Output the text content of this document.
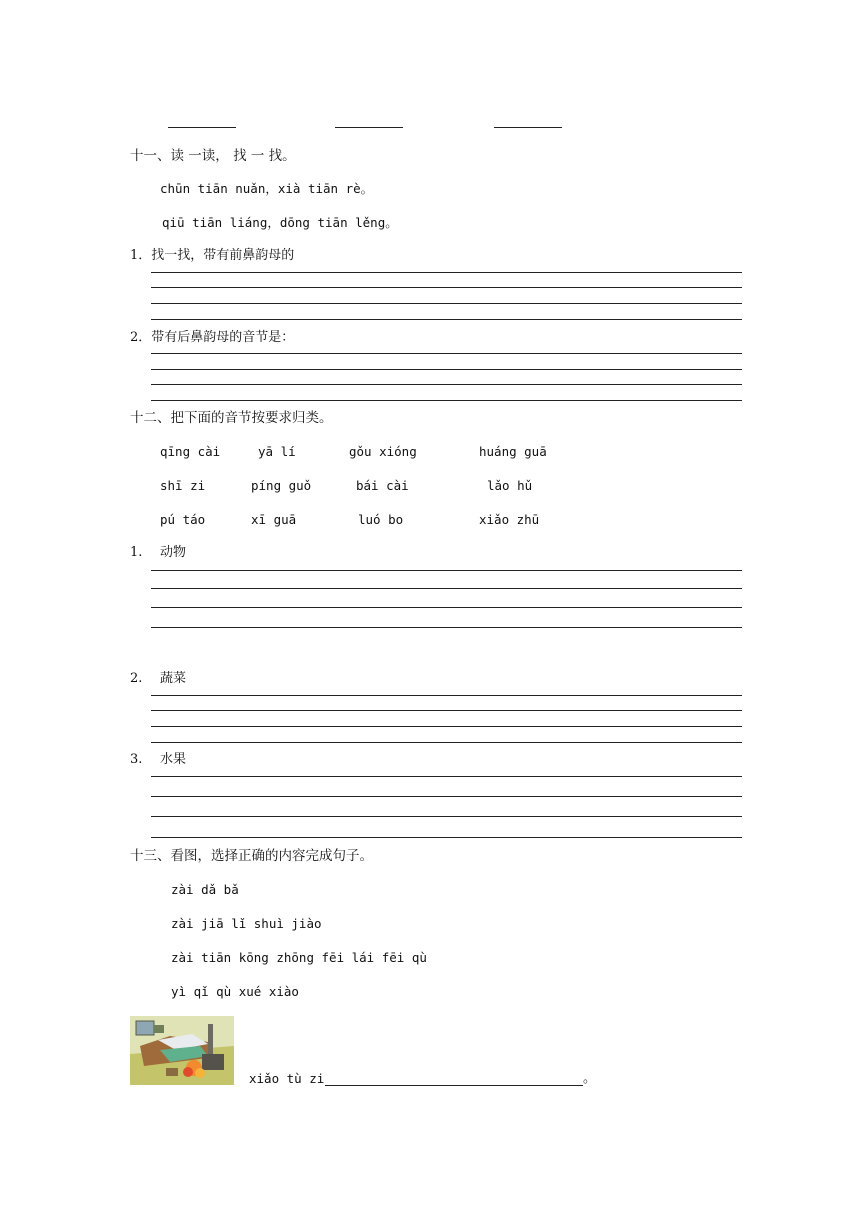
十一、读 一读， 找 一 找。
chūn tiān nuǎn，xià tiān rè。
qiū tiān liáng，dōng tiān lěng。
1．找一找，带有前鼻韵母的
2．带有后鼻韵母的音节是：
十二、把下面的音节按要求归类。
qīng cài	yā lí	gǒu xióng	huáng guā
shī zi	píng guǒ	bái cài	lǎo hǔ
pú táo	xī guā	luó bo	xiǎo zhū
1. 动物
2. 蔬菜
3. 水果
十三、看图，选择正确的内容完成句子。
zài dǎ bǎ
zài jiā lǐ shuì jiào
zài tiān kōng zhōng fēi lái fēi qù
yì qǐ qù xué xiào
xiǎo tù zi	。
